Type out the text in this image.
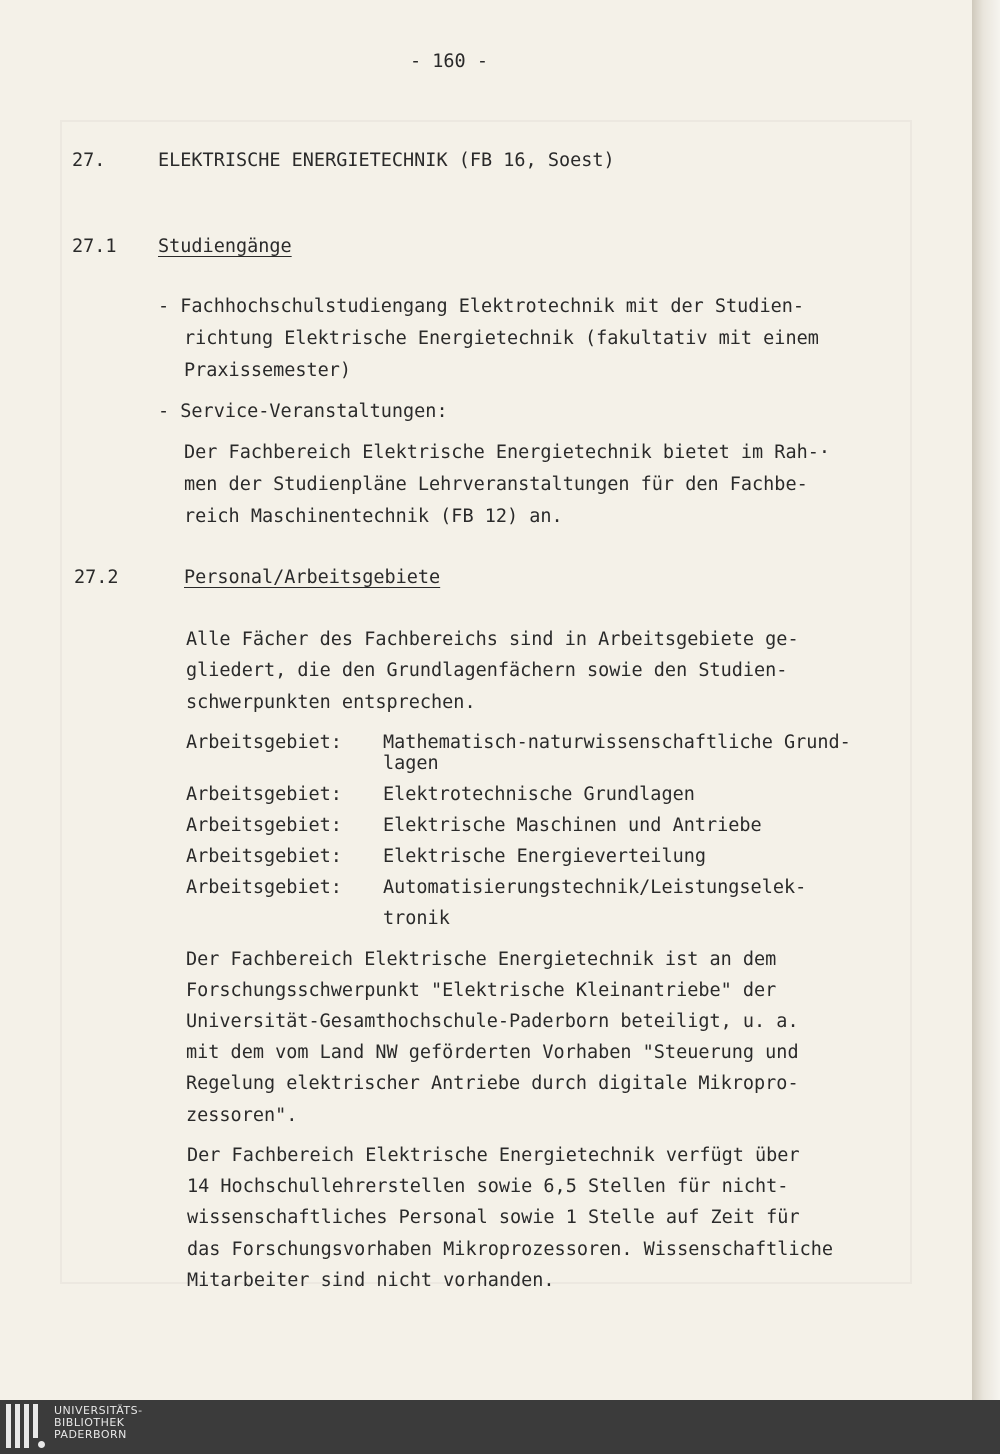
- 160 -
27.	ELEKTRISCHE ENERGIETECHNIK (FB 16, Soest)
27.1 Studiengänge
- Fachhochschulstudiengang Elektrotechnik mit der Studien-
richtung Elektrische Energietechnik (fakultativ mit einem
Praxissemester)
- Service-Veranstaltungen:
Der Fachbereich Elektrische Energietechnik bietet im Rah-·
men der Studienpläne Lehrveranstaltungen für den Fachbe-
reich Maschinentechnik (FB 12) an.
27.2	Personal/Arbeitsgebiete
Alle Fächer des Fachbereichs sind in Arbeitsgebiete ge-
gliedert, die den Grundlagenfächern sowie den Studien-
schwerpunkten entsprechen.
Arbeitsgebiet: Mathematisch-naturwissenschaftliche Grund-
lagen
Arbeitsgebiet: Elektrotechnische Grundlagen
Arbeitsgebiet: Elektrische Maschinen und Antriebe
Arbeitsgebiet: Elektrische Energieverteilung
Arbeitsgebiet: Automatisierungstechnik/Leistungselek-
tronik
Der Fachbereich Elektrische Energietechnik ist an dem
Forschungsschwerpunkt "Elektrische Kleinantriebe" der
Universität-Gesamthochschule-Paderborn beteiligt, u. a.
mit dem vom Land NW geförderten Vorhaben "Steuerung und
Regelung elektrischer Antriebe durch digitale Mikropro-
zessoren".
Der Fachbereich Elektrische Energietechnik verfügt über
14 Hochschullehrerstellen sowie 6,5 Stellen für nicht-
wissenschaftliches Personal sowie 1 Stelle auf Zeit für
das Forschungsvorhaben Mikroprozessoren. Wissenschaftliche
Mitarbeiter sind nicht vorhanden.
UNIVERSITÄTS-
BIBLIOTHEK
PADERBORN
